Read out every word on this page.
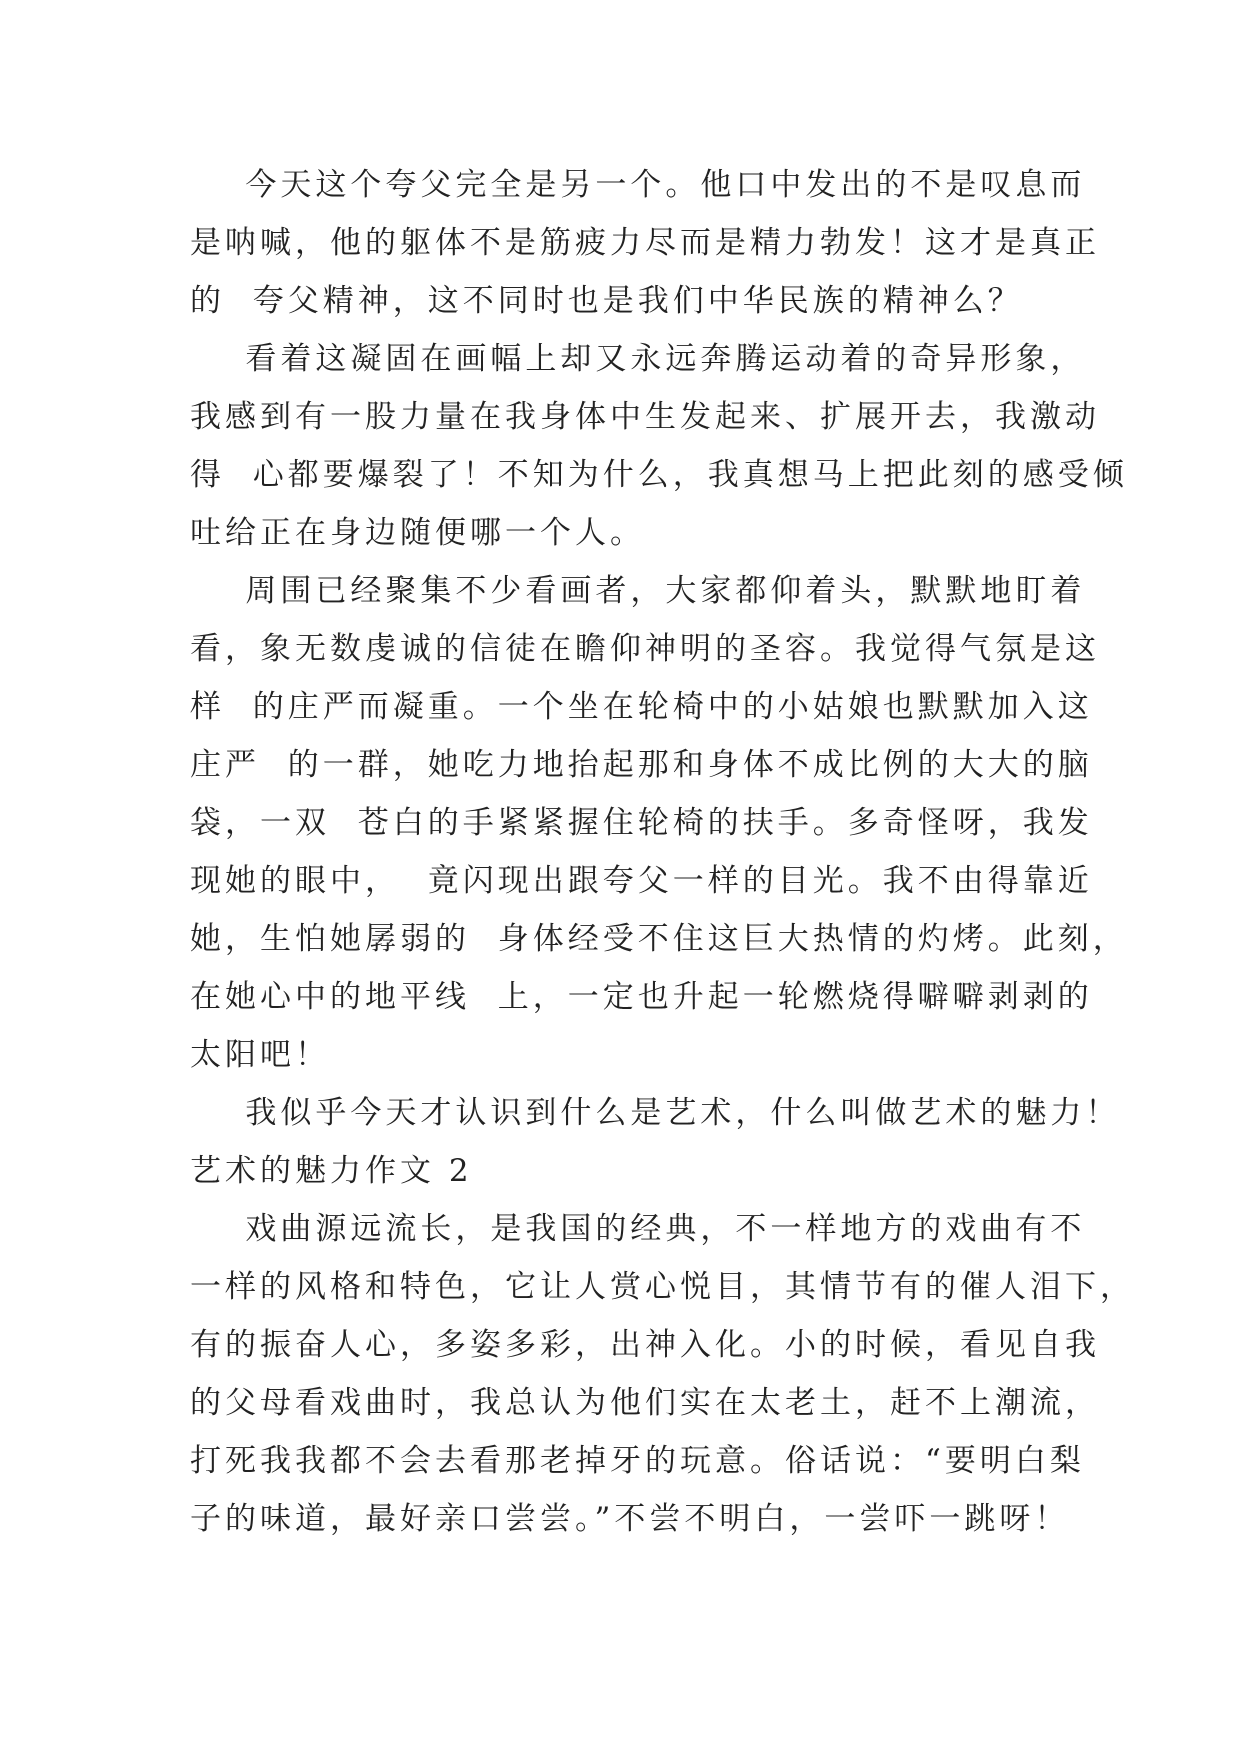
今天这个夸父完全是另一个。他口中发出的不是叹息而
是呐喊，他的躯体不是筋疲力尽而是精力勃发！这才是真正
的  夸父精神，这不同时也是我们中华民族的精神么？
看着这凝固在画幅上却又永远奔腾运动着的奇异形象，
我感到有一股力量在我身体中生发起来、扩展开去，我激动
得  心都要爆裂了！不知为什么，我真想马上把此刻的感受倾
吐给正在身边随便哪一个人。
周围已经聚集不少看画者，大家都仰着头，默默地盯着
看，象无数虔诚的信徒在瞻仰神明的圣容。我觉得气氛是这
样  的庄严而凝重。一个坐在轮椅中的小姑娘也默默加入这
庄严  的一群，她吃力地抬起那和身体不成比例的大大的脑
袋，一双  苍白的手紧紧握住轮椅的扶手。多奇怪呀，我发
现她的眼中，  竟闪现出跟夸父一样的目光。我不由得靠近
她，生怕她孱弱的  身体经受不住这巨大热情的灼烤。此刻，
在她心中的地平线  上，一定也升起一轮燃烧得噼噼剥剥的
太阳吧！
我似乎今天才认识到什么是艺术，什么叫做艺术的魅力！
艺术的魅力作文 2
戏曲源远流长，是我国的经典，不一样地方的戏曲有不
一样的风格和特色，它让人赏心悦目，其情节有的催人泪下，
有的振奋人心，多姿多彩，出神入化。小的时候，看见自我
的父母看戏曲时，我总认为他们实在太老土，赶不上潮流，
打死我我都不会去看那老掉牙的玩意。俗话说：“要明白梨
子的味道，最好亲口尝尝。”不尝不明白，一尝吓一跳呀！
